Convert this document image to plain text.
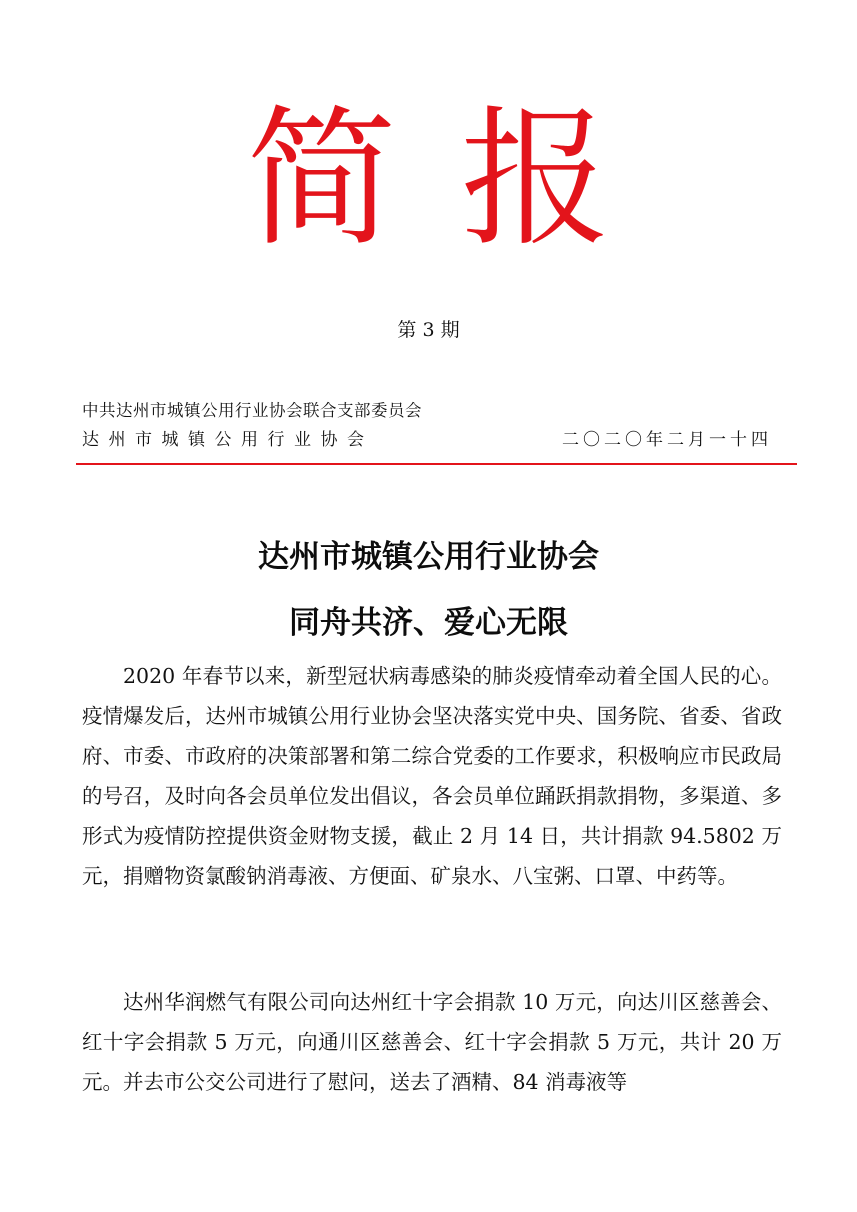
简报
第 3 期
中共达州市城镇公用行业协会联合支部委员会
达州市城镇公用行业协会	二〇二〇年二月一十四
达州市城镇公用行业协会
同舟共济、爱心无限

2020 年春节以来，新型冠状病毒感染的肺炎疫情牵动着全国人民的心。疫情爆发后，达州市城镇公用行业协会坚决落实党中央、国务院、省委、省政府、市委、市政府的决策部署和第二综合党委的工作要求，积极响应市民政局的号召，及时向各会员单位发出倡议，各会员单位踊跃捐款捐物，多渠道、多形式为疫情防控提供资金财物支援，截止 2 月 14 日，共计捐款 94.5802 万元，捐赠物资氯酸钠消毒液、方便面、矿泉水、八宝粥、口罩、中药等。

达州华润燃气有限公司向达州红十字会捐款 10 万元，向达川区慈善会、红十字会捐款 5 万元，向通川区慈善会、红十字会捐款 5 万元，共计 20 万元。并去市公交公司进行了慰问，送去了酒精、84 消毒液等
